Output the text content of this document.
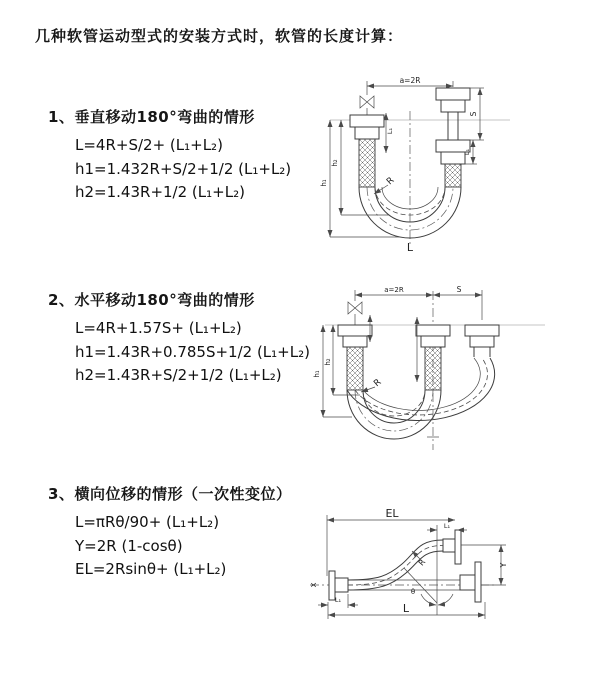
几种软管运动型式的安装方式时，软管的长度计算：
1、垂直移动180°弯曲的情形
L=4R+S/2+ (L₁+L₂)
h1=1.432R+S/2+1/2 (L₁+L₂)
h2=1.43R+1/2 (L₁+L₂)
2、水平移动180°弯曲的情形
L=4R+1.57S+ (L₁+L₂)
h1=1.43R+0.785S+1/2 (L₁+L₂)
h2=1.43R+S/2+1/2 (L₁+L₂)
3、横向位移的情形（一次性变位）
L=πRθ/90+ (L₁+L₂)
Y=2R (1-cosθ)
EL=2Rsinθ+ (L₁+L₂)
a=2R
h₁
h₂
L₁
S
L₁
R
L
a=2R	S
h₁
h₂
R
EL
L₁
Y
L
L₁
X
R
θ
